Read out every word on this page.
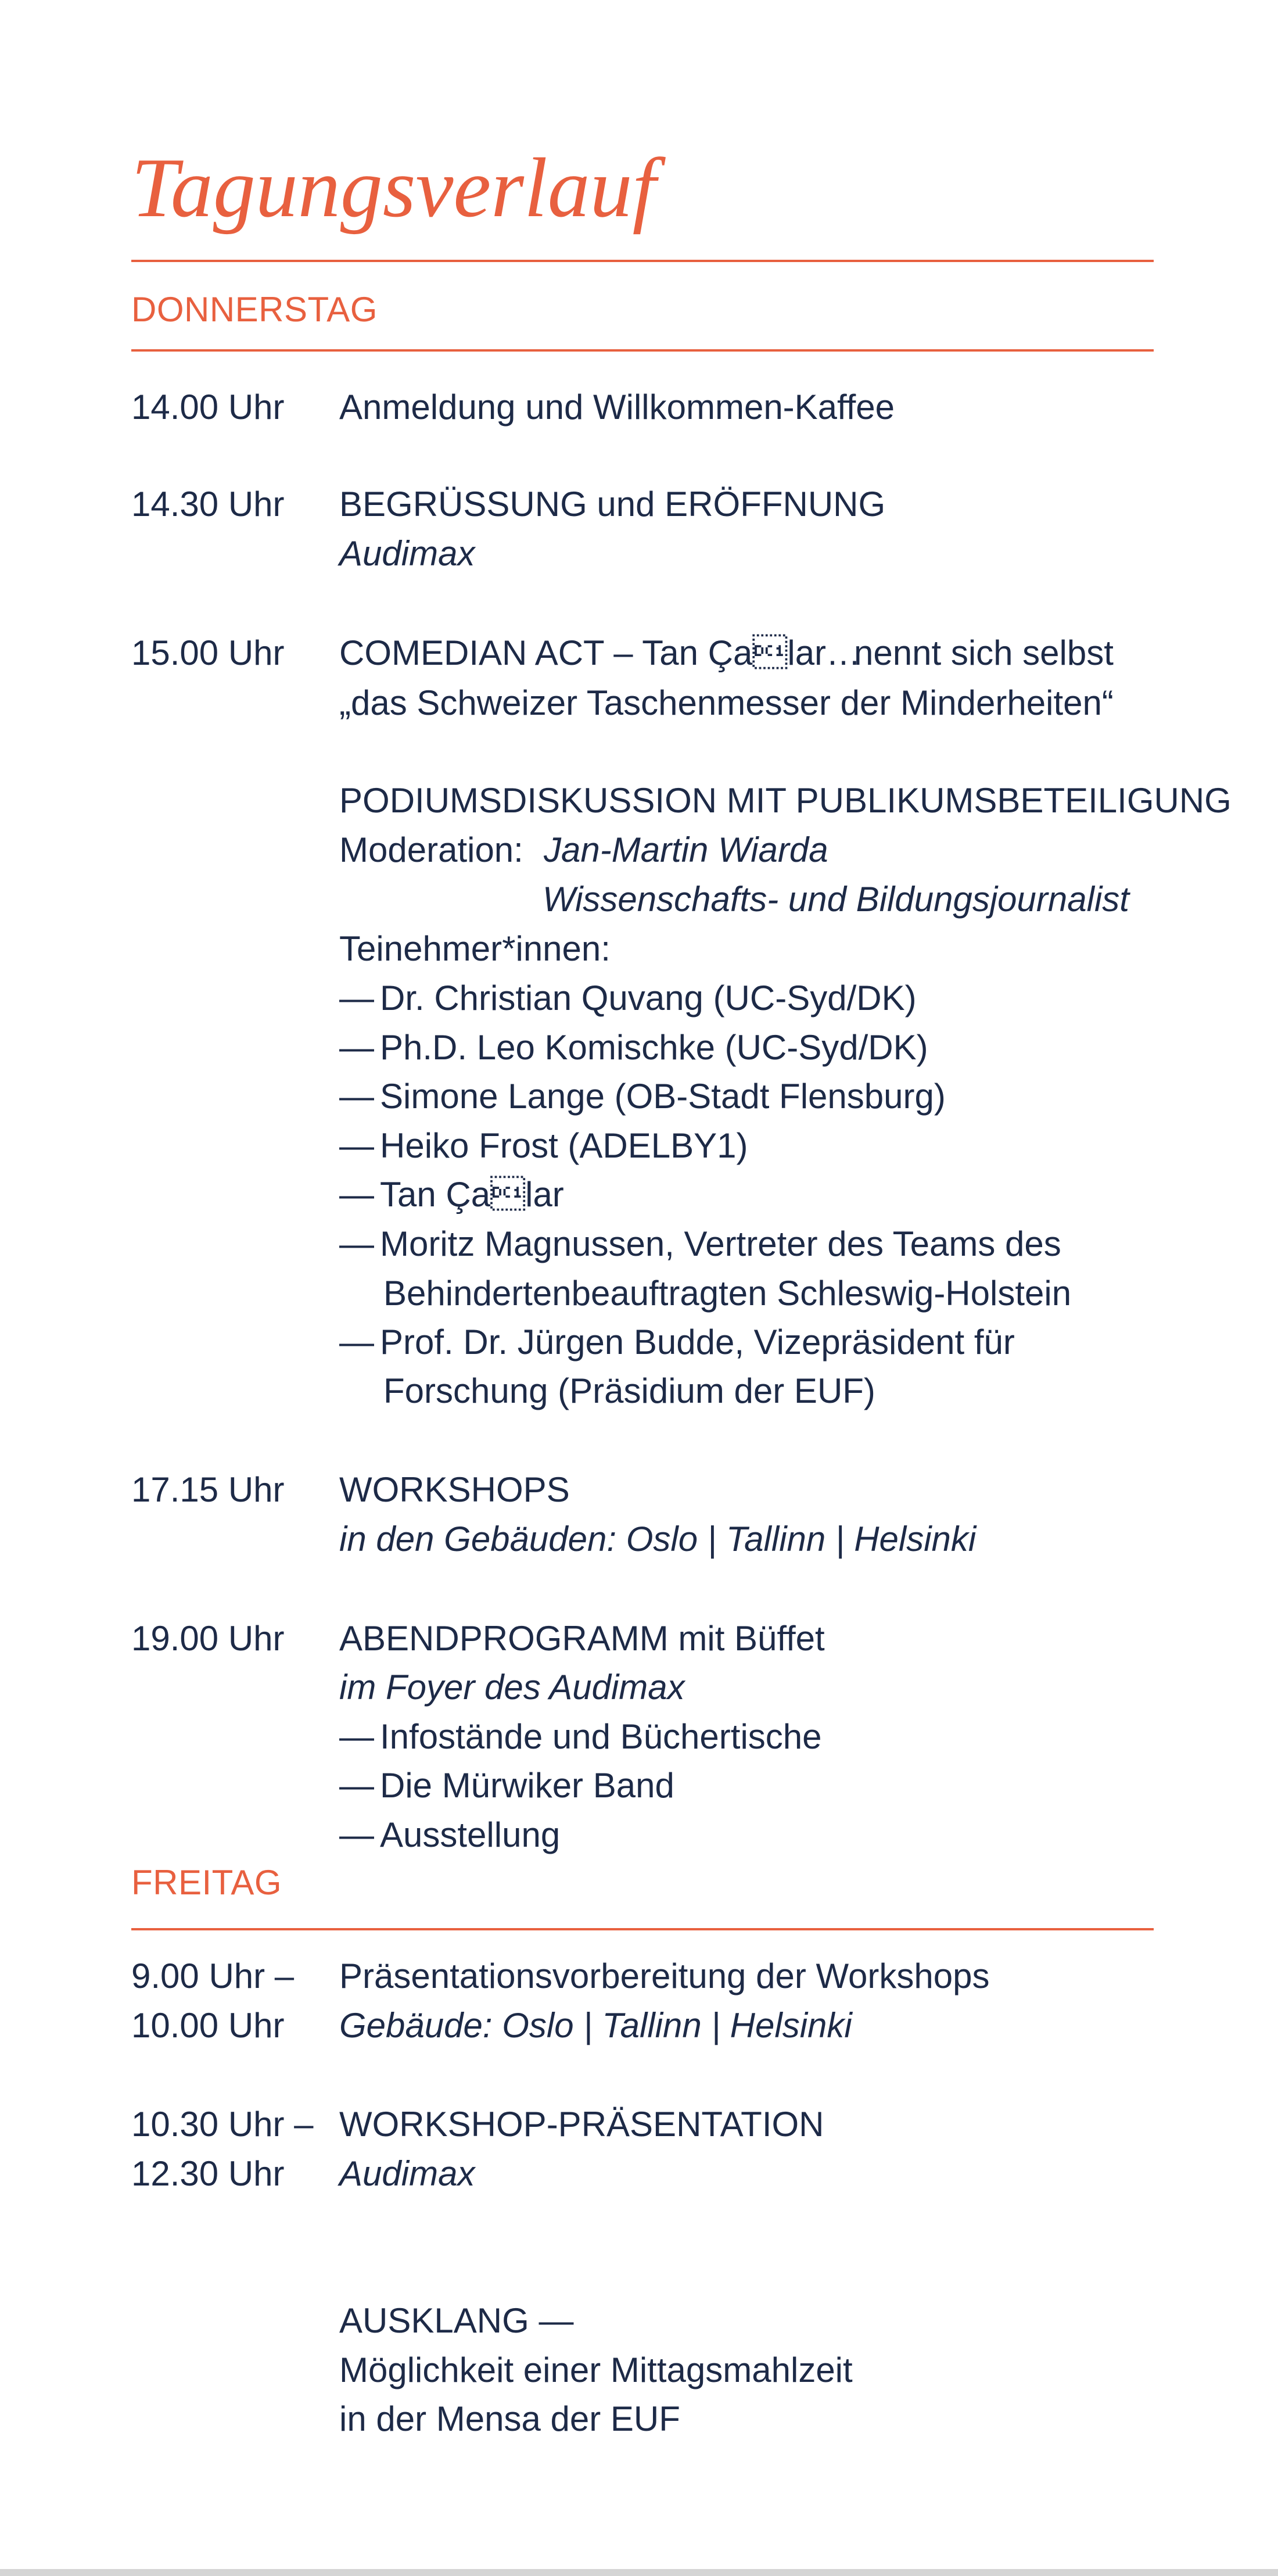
Tagungsverlauf
DONNERSTAG
14.00 Uhr Anmeldung und Willkommen-Kaffee
14.30 Uhr BEGRÜSSUNG und ERÖFFNUNG
Audimax
15.00 Uhr COMEDIAN ACT – Tan Çalar…
nennt sich selbst
„das Schweizer Taschenmesser der Minderheiten“
PODIUMSDISKUSSION MIT PUBLIKUMSBETEILIGUNG
Moderation: Jan-Martin Wiarda
Wissenschafts- und Bildungsjournalist
Teinehmer*innen:
— Dr. Christian Quvang (UC-Syd/DK)
— Ph.D. Leo Komischke (UC-Syd/DK)
— Simone Lange (OB-Stadt Flensburg)
— Heiko Frost (ADELBY1)
— Tan Çalar
— Moritz Magnussen, Vertreter des Teams des
Behindertenbeauftragten Schleswig-Holstein
— Prof. Dr. Jürgen Budde, Vizepräsident für
Forschung (Präsidium der EUF)
17.15 Uhr WORKSHOPS
in den Gebäuden: Oslo | Tallinn | Helsinki
19.00 Uhr ABENDPROGRAMM mit Büffet
im Foyer des Audimax
— Infostände und Büchertische
— Die Mürwiker Band
— Ausstellung
FREITAG
9.00 Uhr – Präsentationsvorbereitung der Workshops
10.00 Uhr Gebäude: Oslo | Tallinn | Helsinki
10.30 Uhr – WORKSHOP-PRÄSENTATION
12.30 Uhr Audimax
AUSKLANG —
Möglichkeit einer Mittagsmahlzeit
in der Mensa der EUF
